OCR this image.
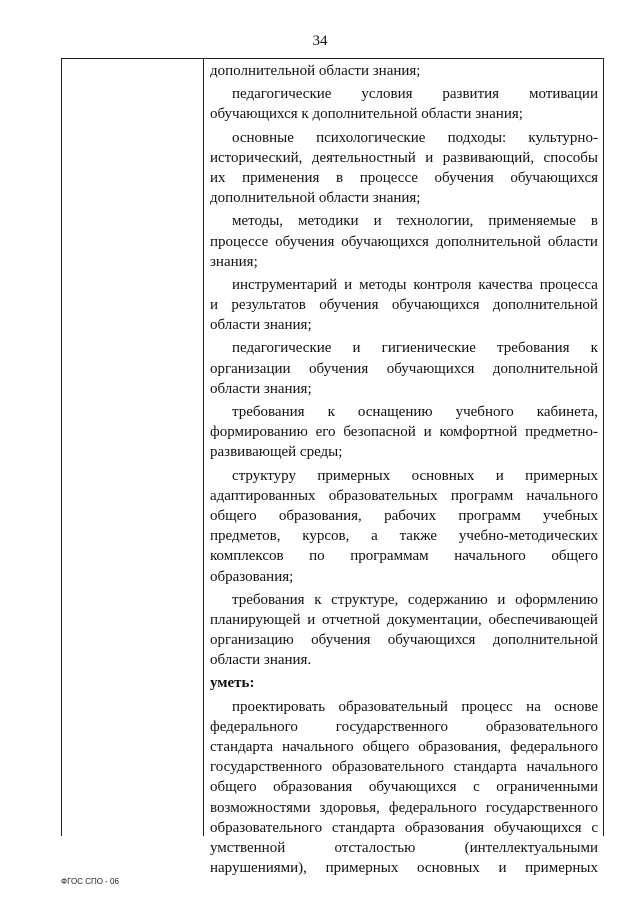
34
дополнительной области знания;
педагогические условия развития мотивации
обучающихся к дополнительной области знания;
основные психологические подходы: культурно-
исторический, деятельностный и развивающий, способы
их применения в процессе обучения обучающихся
дополнительной области знания;
методы, методики и технологии, применяемые в
процессе обучения обучающихся дополнительной области
знания;
инструментарий и методы контроля качества процесса
и результатов обучения обучающихся дополнительной
области знания;
педагогические и гигиенические требования к
организации обучения обучающихся дополнительной
области знания;
требования к оснащению учебного кабинета,
формированию его безопасной и комфортной предметно-
развивающей среды;
структуру примерных основных и примерных
адаптированных образовательных программ начального
общего образования, рабочих программ учебных
предметов, курсов, а также учебно-методических
комплексов по программам начального общего
образования;
требования к структуре, содержанию и оформлению
планирующей и отчетной документации, обеспечивающей
организацию обучения обучающихся дополнительной
области знания.
уметь:
проектировать образовательный процесс на основе
федерального	государственного	образовательного
стандарта начального общего образования, федерального
государственного образовательного стандарта начального
общего образования обучающихся с ограниченными
возможностями здоровья, федерального государственного
образовательного стандарта образования обучающихся с
умственной	отсталостью	(интеллектуальными
нарушениями), примерных основных и примерных
ФГОС СПО - 06
